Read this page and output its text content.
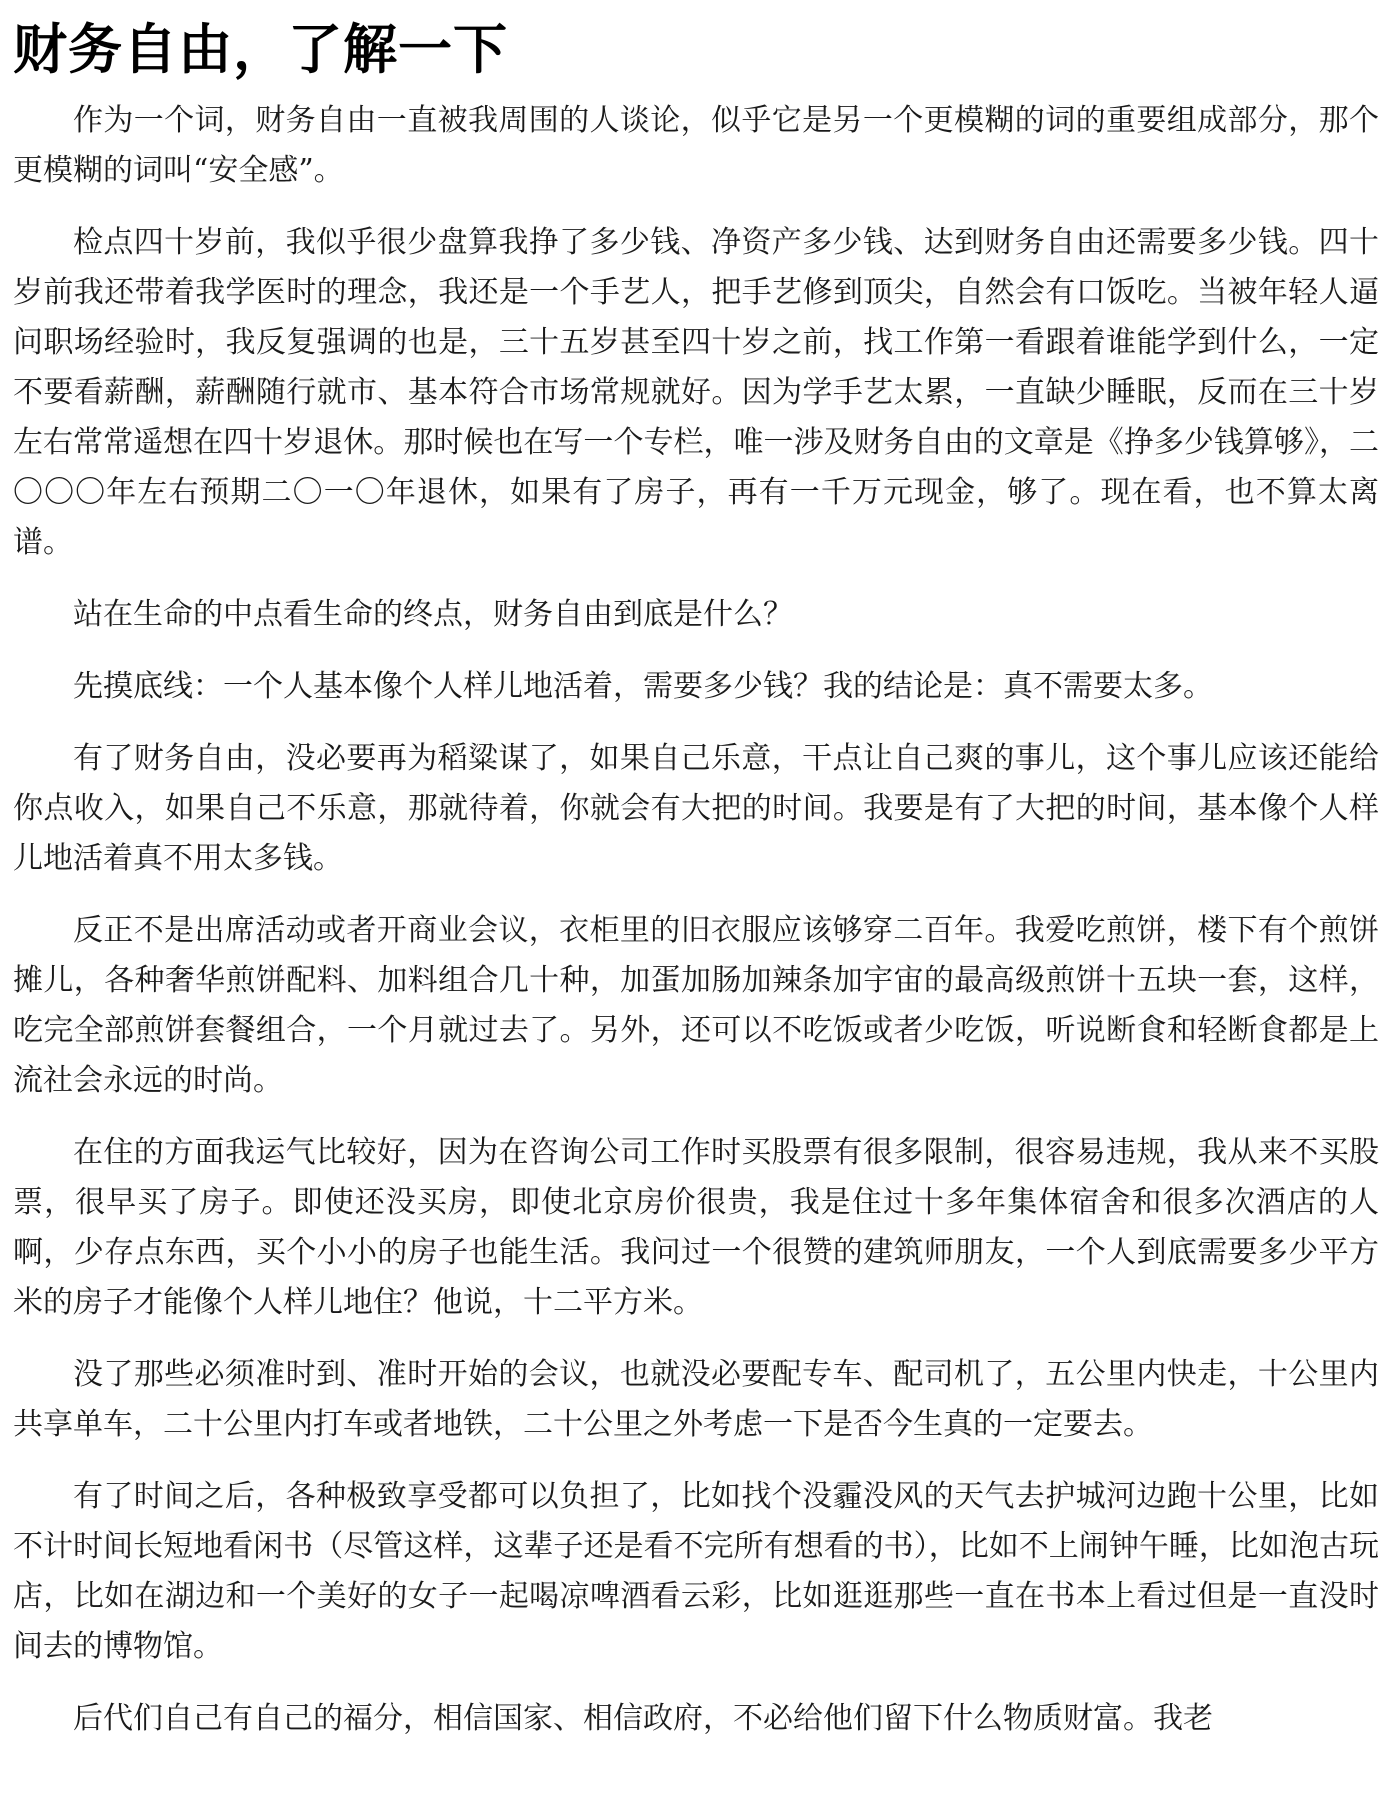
财务自由，了解一下

作为一个词，财务自由一直被我周围的人谈论，似乎它是另一个更模糊的词的重要组成部分，那个更模糊的词叫“安全感”。

检点四十岁前，我似乎很少盘算我挣了多少钱、净资产多少钱、达到财务自由还需要多少钱。四十岁前我还带着我学医时的理念，我还是一个手艺人，把手艺修到顶尖，自然会有口饭吃。当被年轻人逼问职场经验时，我反复强调的也是，三十五岁甚至四十岁之前，找工作第一看跟着谁能学到什么，一定不要看薪酬，薪酬随行就市、基本符合市场常规就好。因为学手艺太累，一直缺少睡眠，反而在三十岁左右常常遥想在四十岁退休。那时候也在写一个专栏，唯一涉及财务自由的文章是《挣多少钱算够》，二〇〇〇年左右预期二〇一〇年退休，如果有了房子，再有一千万元现金，够了。现在看，也不算太离谱。

站在生命的中点看生命的终点，财务自由到底是什么？

先摸底线：一个人基本像个人样儿地活着，需要多少钱？我的结论是：真不需要太多。

有了财务自由，没必要再为稻粱谋了，如果自己乐意，干点让自己爽的事儿，这个事儿应该还能给你点收入，如果自己不乐意，那就待着，你就会有大把的时间。我要是有了大把的时间，基本像个人样儿地活着真不用太多钱。

反正不是出席活动或者开商业会议，衣柜里的旧衣服应该够穿二百年。我爱吃煎饼，楼下有个煎饼摊儿，各种奢华煎饼配料、加料组合几十种，加蛋加肠加辣条加宇宙的最高级煎饼十五块一套，这样，吃完全部煎饼套餐组合，一个月就过去了。另外，还可以不吃饭或者少吃饭，听说断食和轻断食都是上流社会永远的时尚。

在住的方面我运气比较好，因为在咨询公司工作时买股票有很多限制，很容易违规，我从来不买股票，很早买了房子。即使还没买房，即使北京房价很贵，我是住过十多年集体宿舍和很多次酒店的人啊，少存点东西，买个小小的房子也能生活。我问过一个很赞的建筑师朋友，一个人到底需要多少平方米的房子才能像个人样儿地住？他说，十二平方米。

没了那些必须准时到、准时开始的会议，也就没必要配专车、配司机了，五公里内快走，十公里内共享单车，二十公里内打车或者地铁，二十公里之外考虑一下是否今生真的一定要去。

有了时间之后，各种极致享受都可以负担了，比如找个没霾没风的天气去护城河边跑十公里，比如不计时间长短地看闲书（尽管这样，这辈子还是看不完所有想看的书），比如不上闹钟午睡，比如泡古玩店，比如在湖边和一个美好的女子一起喝凉啤酒看云彩，比如逛逛那些一直在书本上看过但是一直没时间去的博物馆。

后代们自己有自己的福分，相信国家、相信政府，不必给他们留下什么物质财富。我老
